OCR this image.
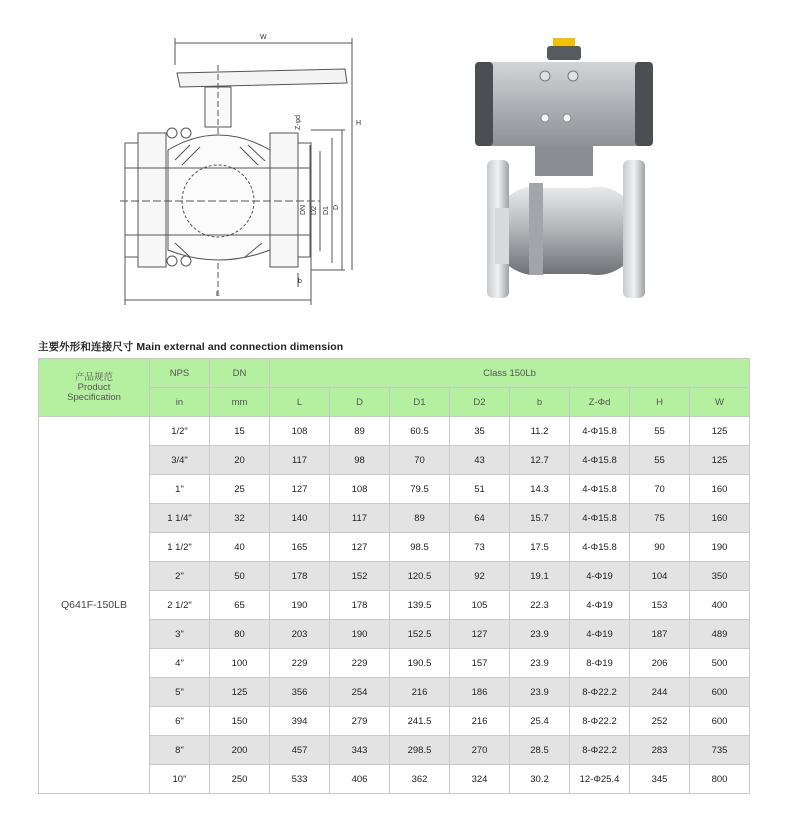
W
H
Z-φd
DN D2 D1 D
b
L
主要外形和连接尺寸 Main external and connection dimension
产品规范
Product
Specification	NPS	DN	Class 150Lb							
	in	mm	L	D	D1	D2	b	Z-Φd	H	W
Q641F-150LB	1/2"	15	108	89	60.5	35	11.2	4-Φ15.8	55	125
	3/4"	20	117	98	70	43	12.7	4-Φ15.8	55	125
	1"	25	127	108	79.5	51	14.3	4-Φ15.8	70	160
	1 1/4"	32	140	117	89	64	15.7	4-Φ15.8	75	160
	1 1/2"	40	165	127	98.5	73	17.5	4-Φ15.8	90	190
	2"	50	178	152	120.5	92	19.1	4-Φ19	104	350
	2 1/2"	65	190	178	139.5	105	22.3	4-Φ19	153	400
	3"	80	203	190	152.5	127	23.9	4-Φ19	187	489
	4"	100	229	229	190.5	157	23.9	8-Φ19	206	500
	5"	125	356	254	216	186	23.9	8-Φ22.2	244	600
	6"	150	394	279	241.5	216	25.4	8-Φ22.2	252	600
	8"	200	457	343	298.5	270	28.5	8-Φ22.2	283	735
	10"	250	533	406	362	324	30.2	12-Φ25.4	345	800
